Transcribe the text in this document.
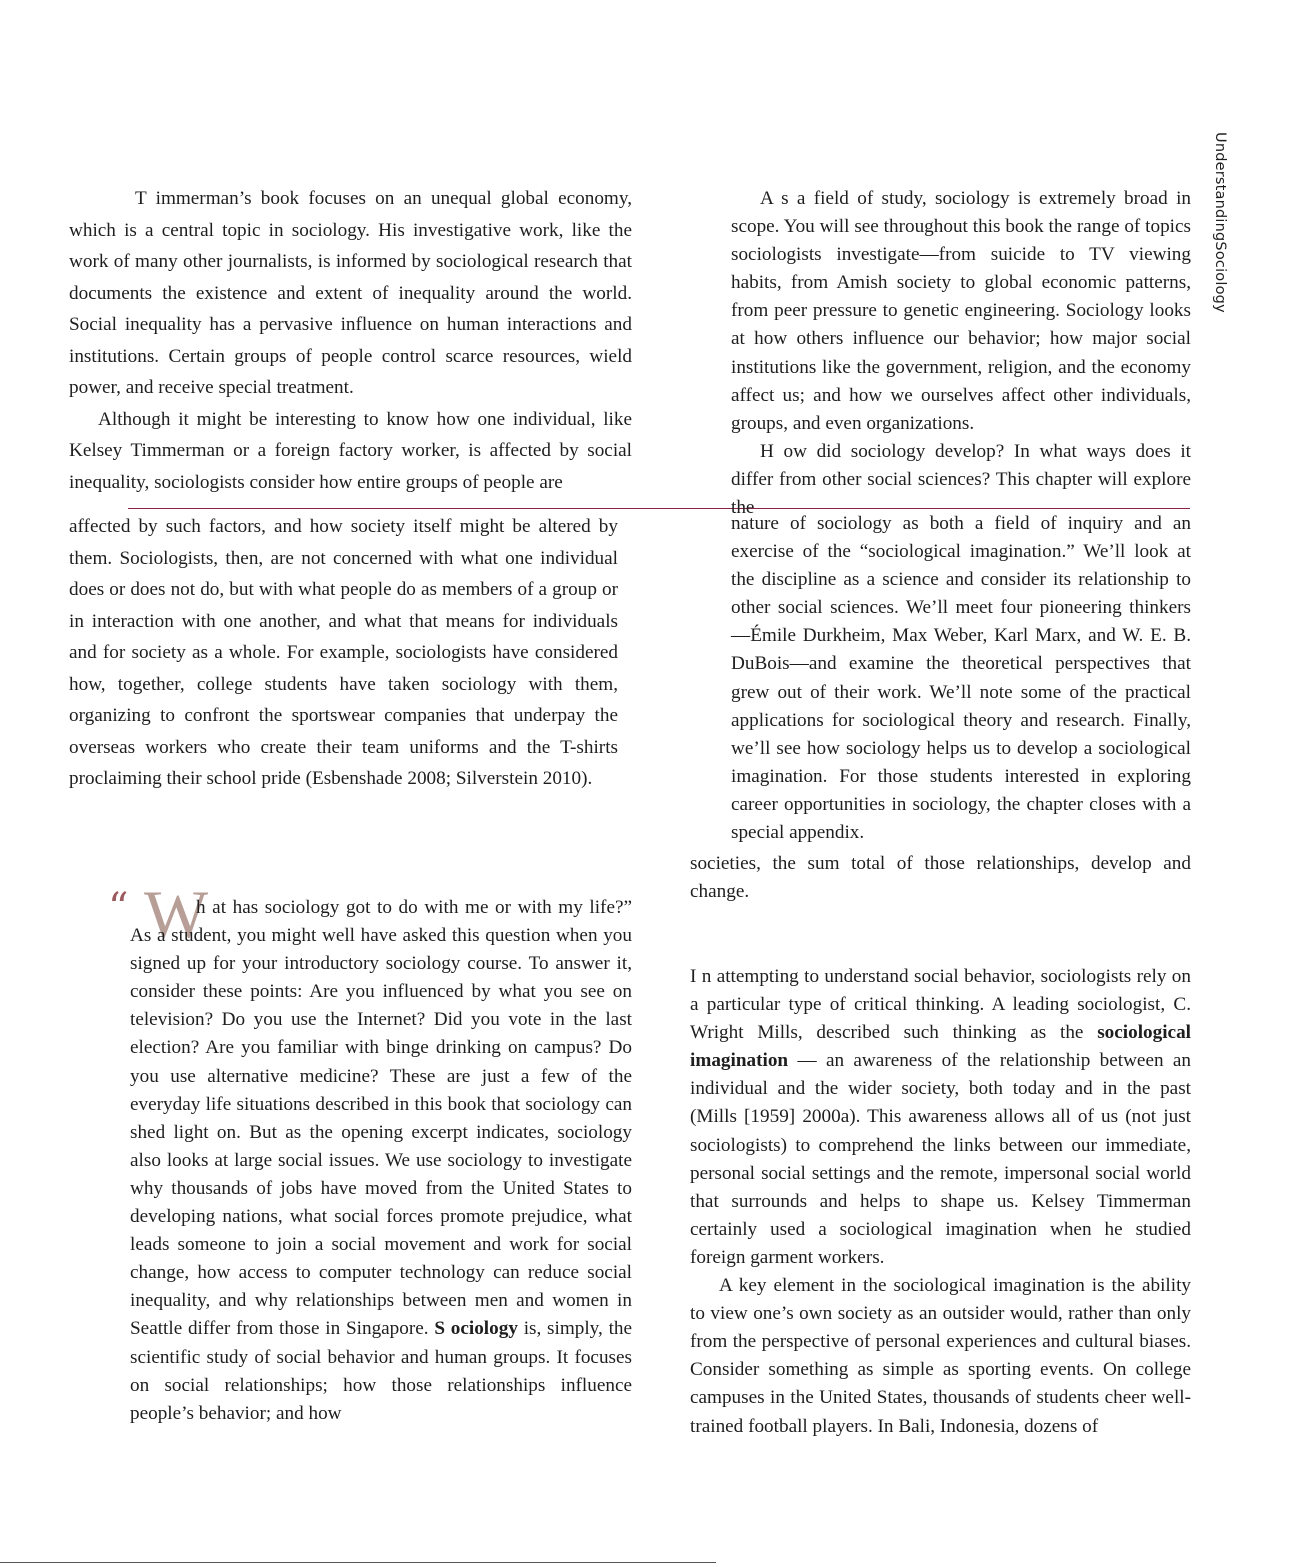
UnderstandingSociology

T immerman’s book focuses on an unequal global economy, which is a central topic in sociology. His investigative work, like the work of many other journalists, is informed by sociological research that documents the existence and extent of inequality around the world. Social inequality has a pervasive influence on human interactions and institutions. Certain groups of people control scarce resources, wield power, and receive special treatment.

Although it might be interesting to know how one individual, like Kelsey Timmerman or a foreign factory worker, is affected by social inequality, sociologists consider how entire groups of people are

affected by such factors, and how society itself might be altered by them. Sociologists, then, are not concerned with what one individual does or does not do, but with what people do as members of a group or in interaction with one another, and what that means for individuals and for society as a whole. For example, sociologists have considered how, together, college students have taken sociology with them, organizing to confront the sportswear companies that underpay the overseas workers who create their team uniforms and the T-shirts proclaiming their school pride (Esbenshade 2008; Silverstein 2010).

“ W

h at has sociology got to do with me or with my life?” As a student, you might well have asked this question when you signed up for your introductory sociology course. To answer it, consider these points: Are you influenced by what you see on television? Do you use the Internet? Did you vote in the last election? Are you familiar with binge drinking on campus? Do you use alternative medicine? These are just a few of the everyday life situations described in this book that sociology can shed light on. But as the opening excerpt indicates, sociology also looks at large social issues. We use sociology to investigate why thousands of jobs have moved from the United States to developing nations, what social forces promote prejudice, what leads someone to join a social movement and work for social change, how access to computer technology can reduce social inequality, and why relationships between men and women in Seattle differ from those in Singapore. S ociology is, simply, the scientific study of social behavior and human groups. It focuses on social relationships; how those relationships influence people’s behavior; and how

A s a field of study, sociology is extremely broad in scope. You will see throughout this book the range of topics sociologists investigate—from suicide to TV viewing habits, from Amish society to global economic patterns, from peer pressure to genetic engineering. Sociology looks at how others influence our behavior; how major social institutions like the government, religion, and the economy affect us; and how we ourselves affect other individuals, groups, and even organizations.

H ow did sociology develop? In what ways does it differ from other social sciences? This chapter will explore the

nature of sociology as both a field of inquiry and an exercise of the “sociological imagination.” We’ll look at the discipline as a science and consider its relationship to other social sciences. We’ll meet four pioneering thinkers—Émile Durkheim, Max Weber, Karl Marx, and W. E. B. DuBois—and examine the theoretical perspectives that grew out of their work. We’ll note some of the practical applications for sociological theory and research. Finally, we’ll see how sociology helps us to develop a sociological imagination. For those students interested in exploring career opportunities in sociology, the chapter closes with a special appendix.

societies, the sum total of those relationships, develop and change.

I n attempting to understand social behavior, sociologists rely on a particular type of critical thinking. A leading sociologist, C. Wright Mills, described such thinking as the sociological imagination — an awareness of the relationship between an individual and the wider society, both today and in the past (Mills [1959] 2000a). This awareness allows all of us (not just sociologists) to comprehend the links between our immediate, personal social settings and the remote, impersonal social world that surrounds and helps to shape us. Kelsey Timmerman certainly used a sociological imagination when he studied foreign garment workers.

A key element in the sociological imagination is the ability to view one’s own society as an outsider would, rather than only from the perspective of personal experiences and cultural biases. Consider something as simple as sporting events. On college campuses in the United States, thousands of students cheer well-trained football players. In Bali, Indonesia, dozens of
